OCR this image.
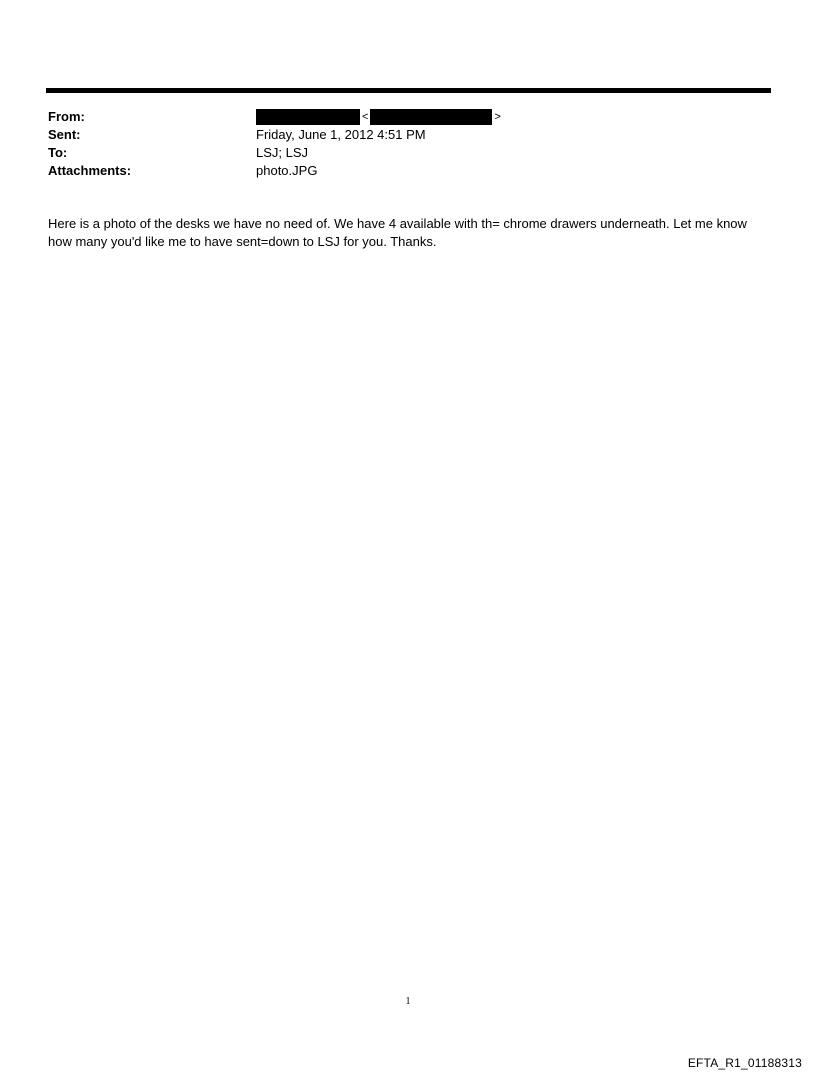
From:	<	>
Sent:	Friday, June 1, 2012 4:51 PM
To:	LSJ; LSJ
Attachments:	photo.JPG

Here is a photo of the desks we have no need of. We have 4 available with th= chrome drawers underneath. Let me know how many you'd like me to have sent=down to LSJ for you. Thanks.

1
EFTA_R1_01188313
